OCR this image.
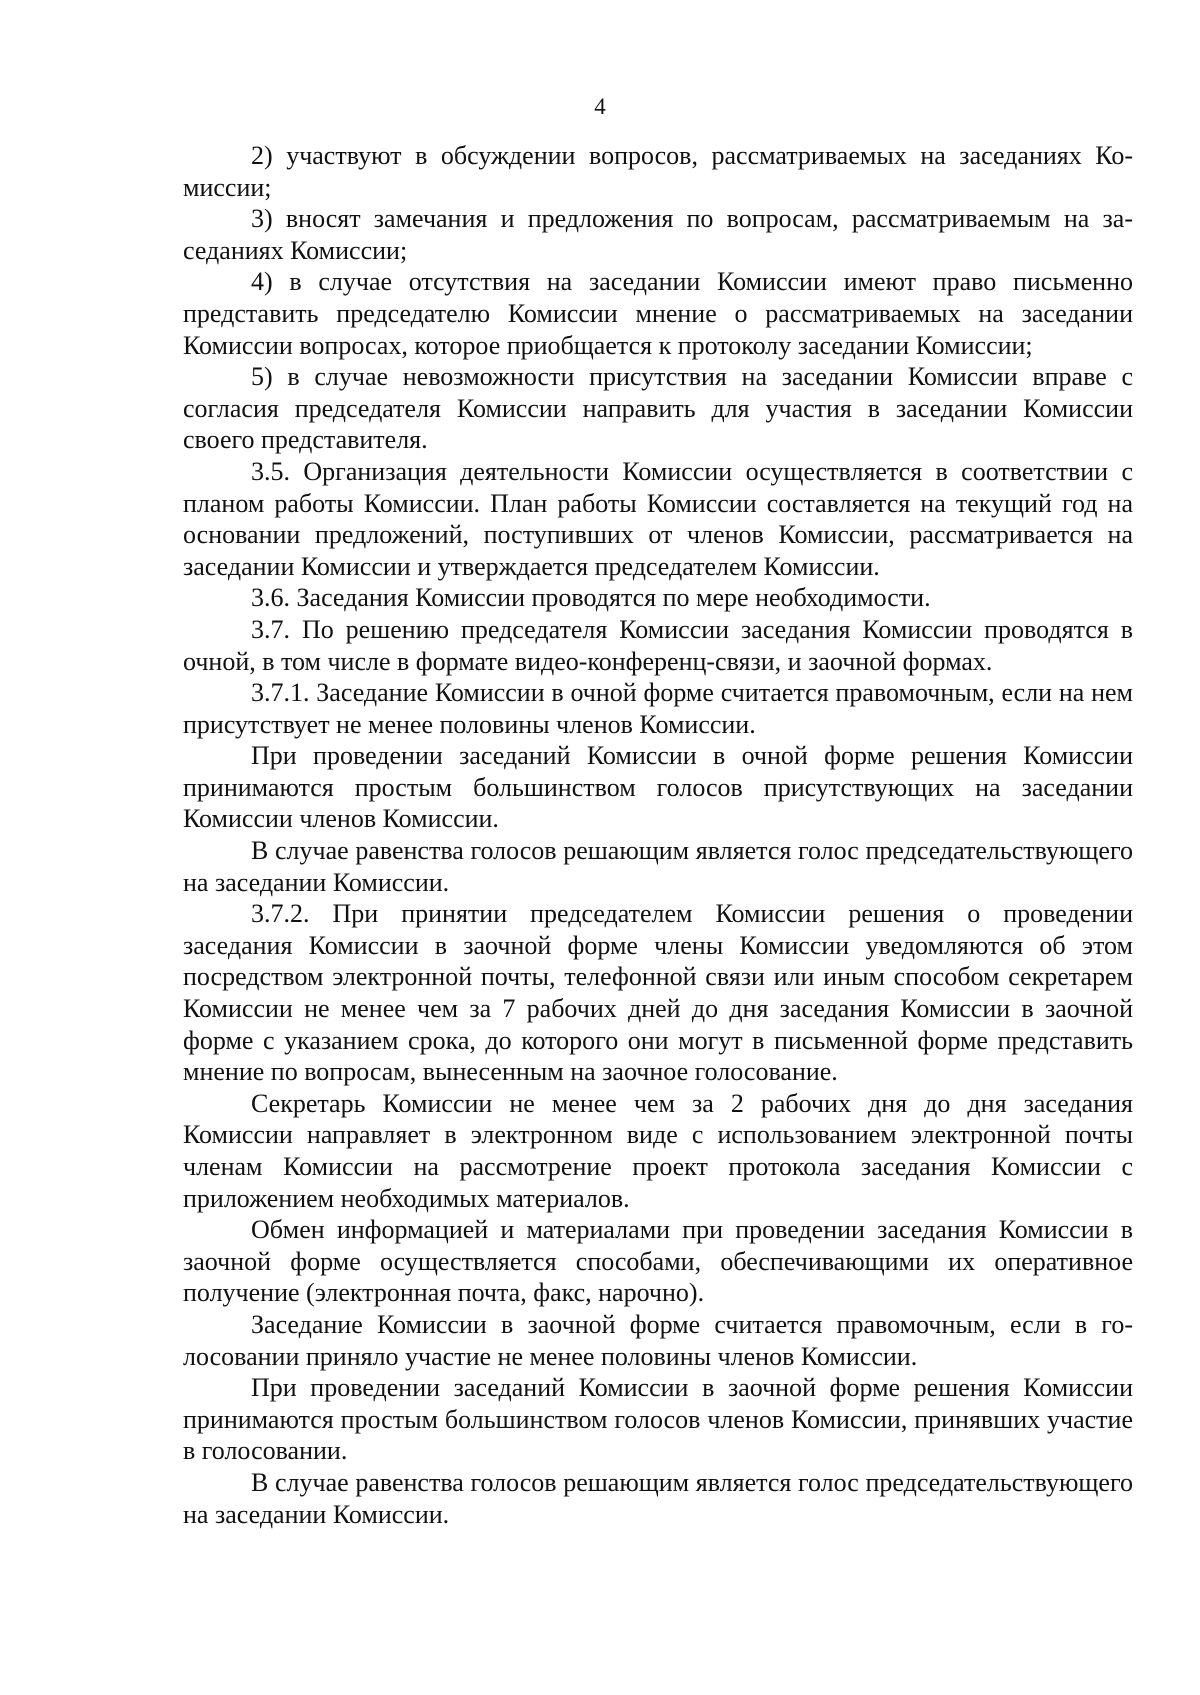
4

2) участвуют в обсуждении вопросов, рассматриваемых на заседаниях Комиссии;

3) вносят замечания и предложения по вопросам, рассматриваемым на заседаниях Комиссии;

4) в случае отсутствия на заседании Комиссии имеют право письменно представить председателю Комиссии мнение о рассматриваемых на заседании Комиссии вопросах, которое приобщается к протоколу заседании Комиссии;

5) в случае невозможности присутствия на заседании Комиссии вправе с согласия председателя Комиссии направить для участия в заседании Комиссии своего представителя.

3.5. Организация деятельности Комиссии осуществляется в соответствии с планом работы Комиссии. План работы Комиссии составляется на текущий год на основании предложений, поступивших от членов Комиссии, рассматривается на заседании Комиссии и утверждается председателем Комиссии.

3.6. Заседания Комиссии проводятся по мере необходимости.

3.7. По решению председателя Комиссии заседания Комиссии проводятся в очной, в том числе в формате видео-конференц-связи, и заочной формах.

3.7.1. Заседание Комиссии в очной форме считается правомочным, если на нем присутствует не менее половины членов Комиссии.

При проведении заседаний Комиссии в очной форме решения Комиссии принимаются простым большинством голосов присутствующих на заседании Комиссии членов Комиссии.

В случае равенства голосов решающим является голос председательствующего на заседании Комиссии.

3.7.2. При принятии председателем Комиссии решения о проведении заседания Комиссии в заочной форме члены Комиссии уведомляются об этом посредством электронной почты, телефонной связи или иным способом секретарем Комиссии не менее чем за 7 рабочих дней до дня заседания Комиссии в заочной форме с указанием срока, до которого они могут в письменной форме представить мнение по вопросам, вынесенным на заочное голосование.

Секретарь Комиссии не менее чем за 2 рабочих дня до дня заседания Комиссии направляет в электронном виде с использованием электронной почты членам Комиссии на рассмотрение проект протокола заседания Комиссии с приложением необходимых материалов.

Обмен информацией и материалами при проведении заседания Комиссии в заочной форме осуществляется способами, обеспечивающими их оперативное получение (электронная почта, факс, нарочно).

Заседание Комиссии в заочной форме считается правомочным, если в голосовании приняло участие не менее половины членов Комиссии.

При проведении заседаний Комиссии в заочной форме решения Комиссии принимаются простым большинством голосов членов Комиссии, принявших участие в голосовании.

В случае равенства голосов решающим является голос председательствующего на заседании Комиссии.
